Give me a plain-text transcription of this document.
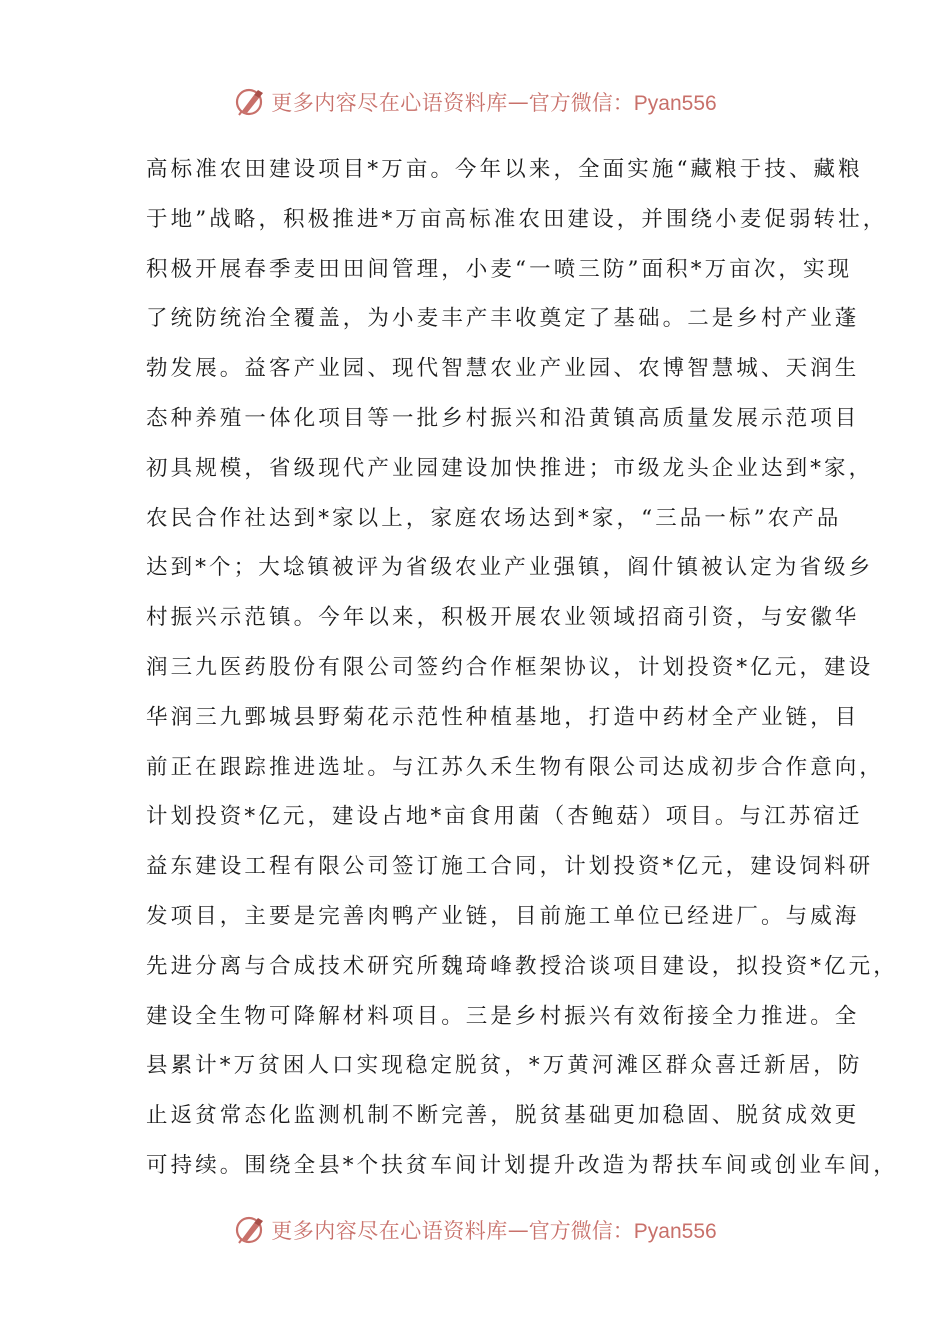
更多内容尽在心语资料库 — 官方微信：Pyan556
高标准农田建设项目*万亩。今年以来，全面实施“藏粮于技、藏粮
于地”战略，积极推进*万亩高标准农田建设，并围绕小麦促弱转壮，
积极开展春季麦田田间管理，小麦“一喷三防”面积*万亩次，实现
了统防统治全覆盖，为小麦丰产丰收奠定了基础。二是乡村产业蓬
勃发展。益客产业园、现代智慧农业产业园、农博智慧城、天润生
态种养殖一体化项目等一批乡村振兴和沿黄镇高质量发展示范项目
初具规模，省级现代产业园建设加快推进；市级龙头企业达到*家，
农民合作社达到*家以上，家庭农场达到*家，“三品一标”农产品
达到*个；大埝镇被评为省级农业产业强镇，阎什镇被认定为省级乡
村振兴示范镇。今年以来，积极开展农业领域招商引资，与安徽华
润三九医药股份有限公司签约合作框架协议，计划投资*亿元，建设
华润三九鄄城县野菊花示范性种植基地，打造中药材全产业链，目
前正在跟踪推进选址。与江苏久禾生物有限公司达成初步合作意向，
计划投资*亿元，建设占地*亩食用菌（杏鲍菇）项目。与江苏宿迁
益东建设工程有限公司签订施工合同，计划投资*亿元，建设饲料研
发项目，主要是完善肉鸭产业链，目前施工单位已经进厂。与威海
先进分离与合成技术研究所魏琦峰教授洽谈项目建设，拟投资*亿元，
建设全生物可降解材料项目。三是乡村振兴有效衔接全力推进。全
县累计*万贫困人口实现稳定脱贫，*万黄河滩区群众喜迁新居，防
止返贫常态化监测机制不断完善，脱贫基础更加稳固、脱贫成效更
可持续。围绕全县*个扶贫车间计划提升改造为帮扶车间或创业车间，
更多内容尽在心语资料库 — 官方微信：Pyan556
